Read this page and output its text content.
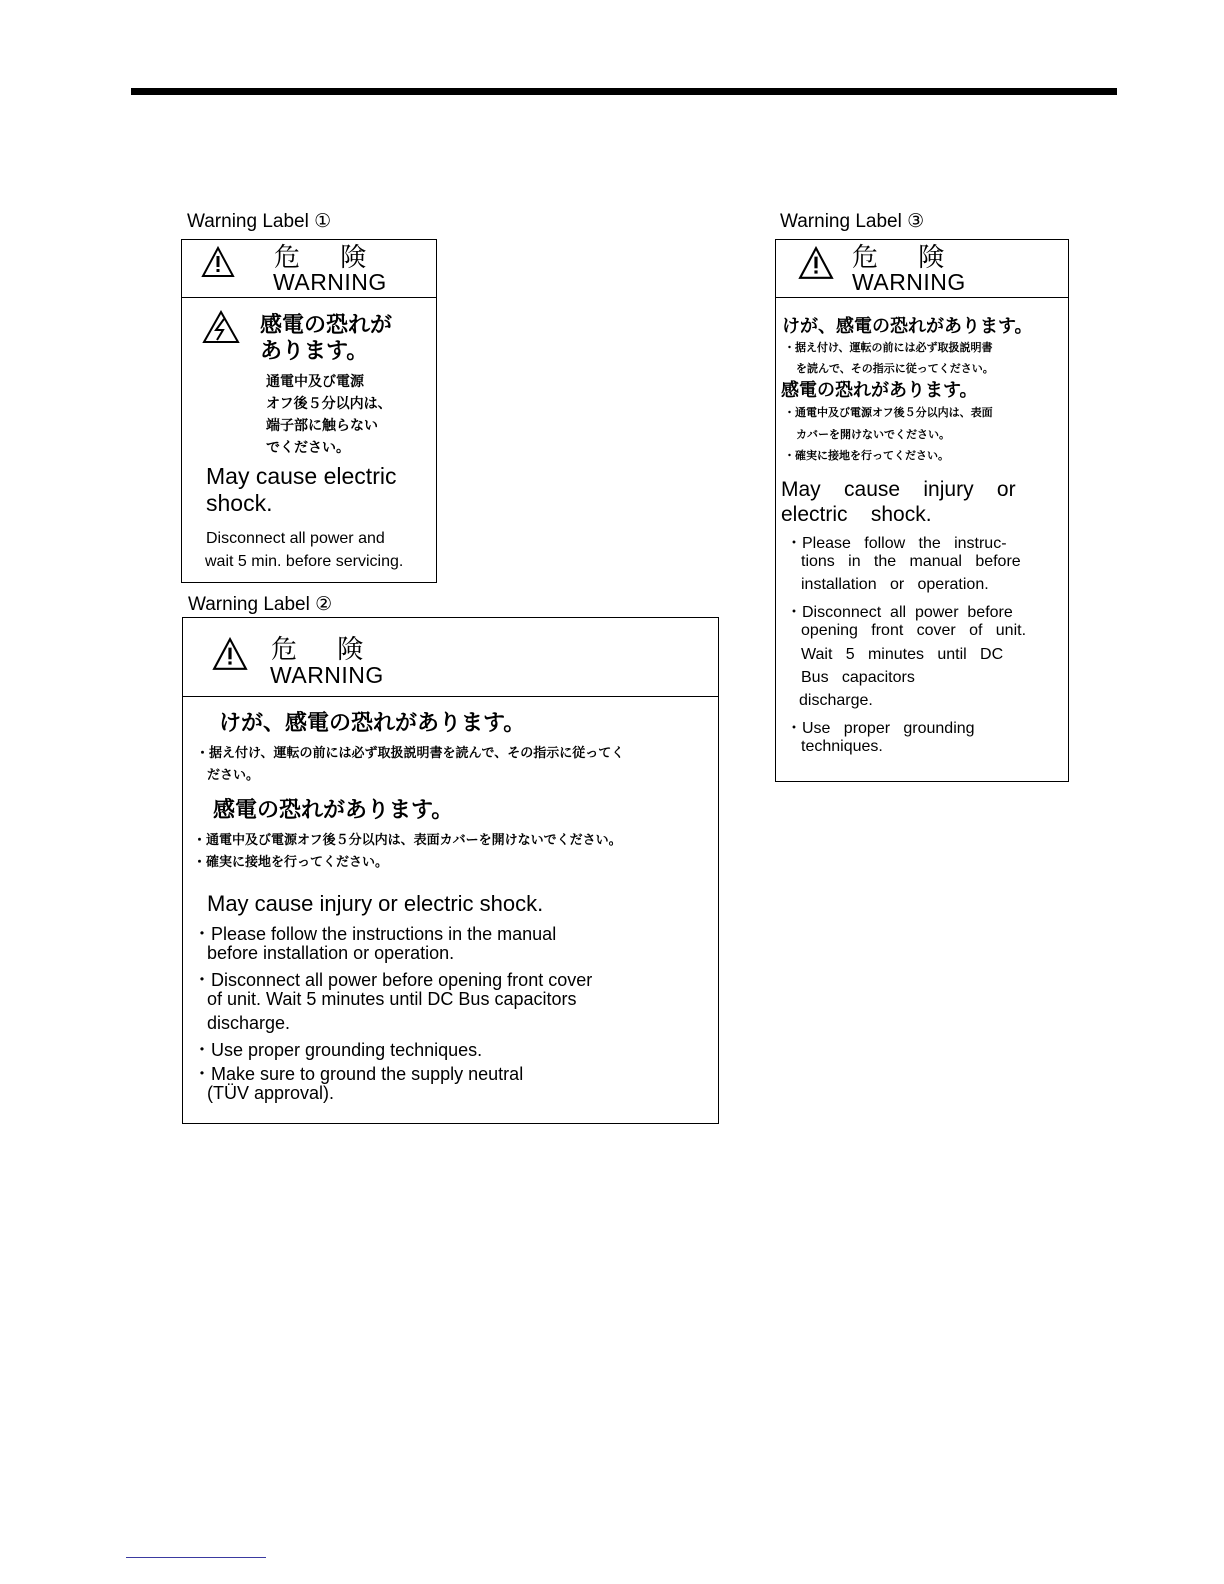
Warning Label ①
危 険
WARNING
感電の恐れが
あります。
通電中及び電源
オフ後５分以内は、
端子部に触らない
でください。
May cause electric
shock.
Disconnect all power and
wait 5 min. before servicing.
Warning Label ②
危 険
WARNING
けが、感電の恐れがあります。
・据え付け、運転の前には必ず取扱説明書を読んで、その指示に従ってく
ださい。
感電の恐れがあります。
・通電中及び電源オフ後５分以内は、表面カバーを開けないでください。
・確実に接地を行ってください。
May cause injury or electric shock.
・Please follow the instructions in the manual
before installation or operation.
・Disconnect all power before opening front cover
of unit. Wait 5 minutes until DC Bus capacitors
discharge.
・Use proper grounding techniques.
・Make sure to ground the supply neutral
(TÜV approval).
Warning Label ③
危 険
WARNING
けが、感電の恐れがあります。
・据え付け、運転の前には必ず取扱説明書
を読んで、その指示に従ってください。
感電の恐れがあります。
・通電中及び電源オフ後５分以内は、表面
カバーを開けないでください。
・確実に接地を行ってください。
May    cause    injury    or
electric    shock.
・Please   follow   the   instruc-
tions   in   the   manual   before
installation   or   operation.
・Disconnect  all  power  before
opening   front   cover   of   unit.
Wait   5   minutes   until   DC
Bus   capacitors
discharge.
・Use   proper   grounding
techniques.
